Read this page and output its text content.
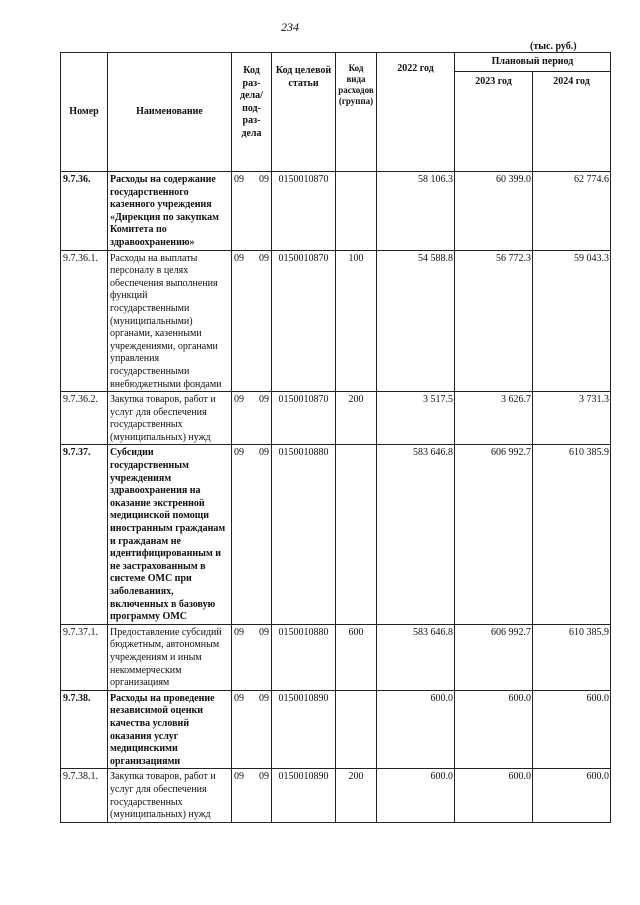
234
(тыс. руб.)
Номер	Наименование	Код раз-дела/ под-раз-дела	Код целевой статьи	Код вида расходов (группа)	2022 год	Плановый период	
						2023 год	2024 год
9.7.36.	Расходы на содержание государственного казенного учреждения «Дирекция по закупкам Комитета по здравоохранению»	09 09	0150010870		58 106.3	60 399.0	62 774.6
9.7.36.1.	Расходы на выплаты персоналу в целях обеспечения выполнения функций государственными (муниципальными) органами, казенными учреждениями, органами управления государственными внебюджетными фондами	09 09	0150010870	100	54 588.8	56 772.3	59 043.3
9.7.36.2.	Закупка товаров, работ и услуг для обеспечения государственных (муниципальных) нужд	09 09	0150010870	200	3 517.5	3 626.7	3 731.3
9.7.37.	Субсидии государственным учреждениям здравоохранения на оказание экстренной медицинской помощи иностранным гражданам и гражданам не идентифицированным и не застрахованным в системе ОМС при заболеваниях, включенных в базовую программу ОМС	09 09	0150010880		583 646.8	606 992.7	610 385.9
9.7.37.1.	Предоставление субсидий бюджетным, автономным учреждениям и иным некоммерческим организациям	09 09	0150010880	600	583 646.8	606 992.7	610 385.9
9.7.38.	Расходы на проведение независимой оценки качества условий оказания услуг медицинскими организациями	09 09	0150010890		600.0	600.0	600.0
9.7.38.1.	Закупка товаров, работ и услуг для обеспечения государственных (муниципальных) нужд	09 09	0150010890	200	600.0	600.0	600.0
